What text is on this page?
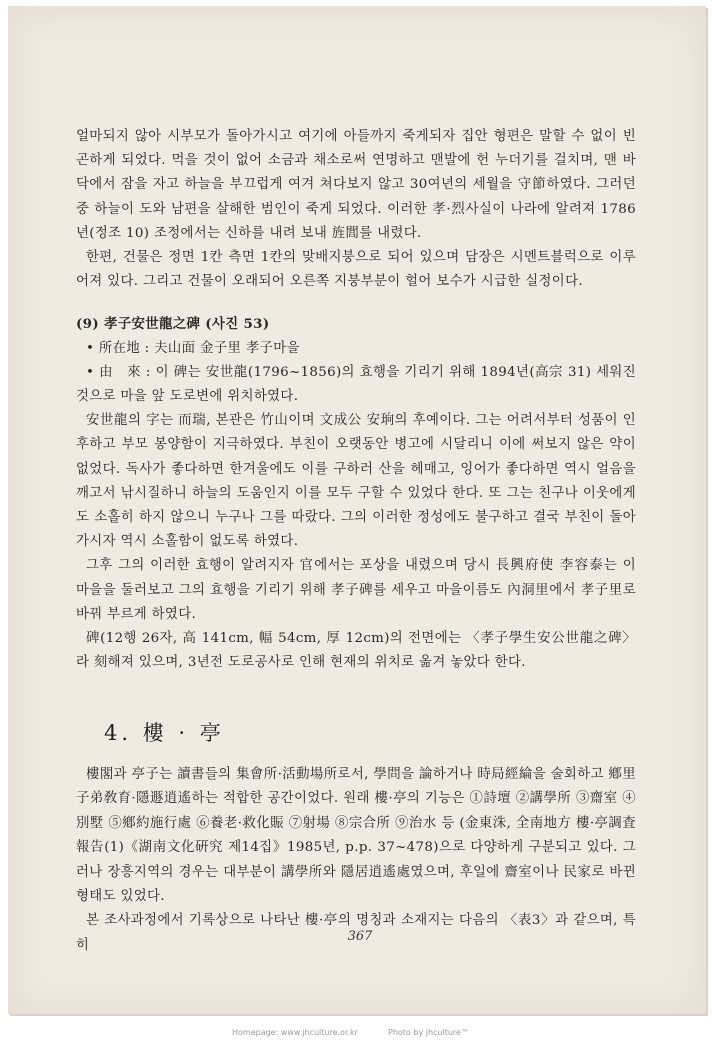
얼마되지 않아 시부모가 돌아가시고 여기에 아들까지 죽게되자 집안 형편은 말할 수 없이 빈곤하게 되었다. 먹을 것이 없어 소금과 채소로써 연명하고 맨발에 헌 누더기를 걸치며, 맨 바닥에서 잠을 자고 하늘을 부끄럽게 여겨 쳐다보지 않고 30여년의 세월을 守節하였다. 그러던 중 하늘이 도와 남편을 살해한 범인이 죽게 되었다. 이러한 孝·烈사실이 나라에 알려져 1786년(정조 10) 조정에서는 신하를 내려 보내 旌閭를 내렸다.

한편, 건물은 정면 1칸 측면 1칸의 맞배지붕으로 되어 있으며 담장은 시멘트블럭으로 이루어져 있다. 그리고 건물이 오래되어 오른쪽 지붕부분이 헐어 보수가 시급한 실정이다.

(9) 孝子安世龍之碑 (사진 53)

• 所在地 : 夫山面 金子里 孝子마을

• 由　來 : 이 碑는 安世龍(1796~1856)의 효행을 기리기 위해 1894년(高宗 31) 세워진 것으로 마을 앞 도로변에 위치하였다.

安世龍의 字는 而瑞, 본관은 竹山이며 文成公 安珦의 후예이다. 그는 어려서부터 성품이 인후하고 부모 봉양함이 지극하였다. 부친이 오랫동안 병고에 시달리니 이에 써보지 않은 약이 없었다. 독사가 좋다하면 한겨울에도 이를 구하러 산을 헤매고, 잉어가 좋다하면 역시 얼음을 깨고서 낚시질하니 하늘의 도움인지 이를 모두 구할 수 있었다 한다. 또 그는 친구나 이웃에게도 소홀히 하지 않으니 누구나 그를 따랐다. 그의 이러한 정성에도 불구하고 결국 부친이 돌아가시자 역시 소홀함이 없도록 하였다.

그후 그의 이러한 효행이 알려지자 官에서는 포상을 내렸으며 당시 長興府使 李容泰는 이 마을을 둘러보고 그의 효행을 기리기 위해 孝子碑를 세우고 마을이름도 內洞里에서 孝子里로 바꿔 부르게 하였다.

碑(12행 26자, 高 141cm, 幅 54cm, 厚 12cm)의 전면에는 〈孝子學生安公世龍之碑〉라 刻해져 있으며, 3년전 도로공사로 인해 현재의 위치로 옮겨 놓았다 한다.

4. 樓 · 亭

樓閣과 亭子는 讀書들의 集會所·活動場所로서, 學問을 論하거나 時局經綸을 술회하고 鄕里子弟敎育·隱遯逍遙하는 적합한 공간이었다. 원래 樓·亭의 기능은 ①詩壇 ②講學所 ③齋室 ④別墅 ⑤鄕約施行處 ⑥養老·救化賑 ⑦射場 ⑧宗合所 ⑨治水 등 (金東洙, 全南地方 樓·亭調査報告(1)《湖南文化硏究 제14집》1985년, p.p. 37~478)으로 다양하게 구분되고 있다. 그러나 장흥지역의 경우는 대부분이 講學所와 隱居逍遙處였으며, 후일에 齋室이나 民家로 바뀐 형태도 있었다.

본 조사과정에서 기록상으로 나타난 樓·亭의 명칭과 소재지는 다음의 〈表3〉과 같으며, 특히

367
Homepage: www.jhculture.or.kr	Photo by jhculture™
